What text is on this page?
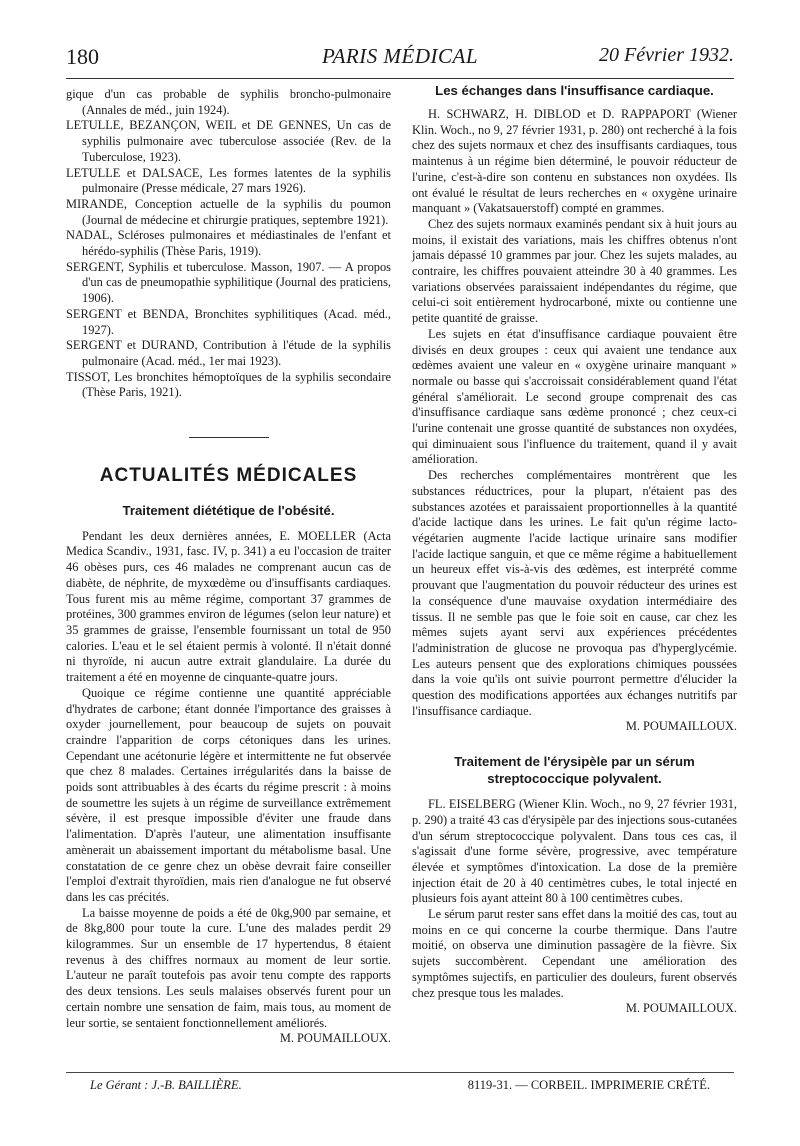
180	PARIS MÉDICAL	20 Février 1932.

gique d'un cas probable de syphilis broncho-pulmonaire (Annales de méd., juin 1924).

LETULLE, BEZANÇON, WEIL et DE GENNES, Un cas de syphilis pulmonaire avec tuberculose associée (Rev. de la Tuberculose, 1923).

LETULLE et DALSACE, Les formes latentes de la syphilis pulmonaire (Presse médicale, 27 mars 1926).

MIRANDE, Conception actuelle de la syphilis du poumon (Journal de médecine et chirurgie pratiques, septembre 1921).

NADAL, Scléroses pulmonaires et médiastinales de l'enfant et hérédo-syphilis (Thèse Paris, 1919).

SERGENT, Syphilis et tuberculose. Masson, 1907. — A propos d'un cas de pneumopathie syphilitique (Journal des praticiens, 1906).

SERGENT et BENDA, Bronchites syphilitiques (Acad. méd., 1927).

SERGENT et DURAND, Contribution à l'étude de la syphilis pulmonaire (Acad. méd., 1er mai 1923).

TISSOT, Les bronchites hémoptoïques de la syphilis secondaire (Thèse Paris, 1921).

ACTUALITÉS MÉDICALES
Traitement diététique de l'obésité.

Pendant les deux dernières années, E. MOELLER (Acta Medica Scandiv., 1931, fasc. IV, p. 341) a eu l'occasion de traiter 46 obèses purs, ces 46 malades ne comprenant aucun cas de diabète, de néphrite, de myxœdème ou d'insuffisants cardiaques. Tous furent mis au même régime, comportant 37 grammes de protéines, 300 grammes environ de légumes (selon leur nature) et 35 grammes de graisse, l'ensemble fournissant un total de 950 calories. L'eau et le sel étaient permis à volonté. Il n'était donné ni thyroïde, ni aucun autre extrait glandulaire. La durée du traitement a été en moyenne de cinquante-quatre jours.

Quoique ce régime contienne une quantité appréciable d'hydrates de carbone; étant donnée l'importance des graisses à oxyder journellement, pour beaucoup de sujets on pouvait craindre l'apparition de corps cétoniques dans les urines. Cependant une acétonurie légère et intermittente ne fut observée que chez 8 malades. Certaines irrégularités dans la baisse de poids sont attribuables à des écarts du régime prescrit : à moins de soumettre les sujets à un régime de surveillance extrêmement sévère, il est presque impossible d'éviter une fraude dans l'alimentation. D'après l'auteur, une alimentation insuffisante amènerait un abaissement important du métabolisme basal. Une constatation de ce genre chez un obèse devrait faire conseiller l'emploi d'extrait thyroïdien, mais rien d'analogue ne fut observé dans les cas précités.

La baisse moyenne de poids a été de 0kg,900 par semaine, et de 8kg,800 pour toute la cure. L'une des malades perdit 29 kilogrammes. Sur un ensemble de 17 hypertendus, 8 étaient revenus à des chiffres normaux au moment de leur sortie. L'auteur ne paraît toutefois pas avoir tenu compte des rapports des deux tensions. Les seuls malaises observés furent pour un certain nombre une sensation de faim, mais tous, au moment de leur sortie, se sentaient fonctionnellement améliorés.

M. POUMAILLOUX.

Les échanges dans l'insuffisance cardiaque.

H. SCHWARZ, H. DIBLOD et D. RAPPAPORT (Wiener Klin. Woch., no 9, 27 février 1931, p. 280) ont recherché à la fois chez des sujets normaux et chez des insuffisants cardiaques, tous maintenus à un régime bien déterminé, le pouvoir réducteur de l'urine, c'est-à-dire son contenu en substances non oxydées. Ils ont évalué le résultat de leurs recherches en « oxygène urinaire manquant » (Vakatsauerstoff) compté en grammes.

Chez des sujets normaux examinés pendant six à huit jours au moins, il existait des variations, mais les chiffres obtenus n'ont jamais dépassé 10 grammes par jour. Chez les sujets malades, au contraire, les chiffres pouvaient atteindre 30 à 40 grammes. Les variations observées paraissaient indépendantes du régime, que celui-ci soit entièrement hydrocarboné, mixte ou contienne une petite quantité de graisse.

Les sujets en état d'insuffisance cardiaque pouvaient être divisés en deux groupes : ceux qui avaient une tendance aux œdèmes avaient une valeur en « oxygène urinaire manquant » normale ou basse qui s'accroissait considérablement quand l'état général s'améliorait. Le second groupe comprenait des cas d'insuffisance cardiaque sans œdème prononcé ; chez ceux-ci l'urine contenait une grosse quantité de substances non oxydées, qui diminuaient sous l'influence du traitement, quand il y avait amélioration.

Des recherches complémentaires montrèrent que les substances réductrices, pour la plupart, n'étaient pas des substances azotées et paraissaient proportionnelles à la quantité d'acide lactique dans les urines. Le fait qu'un régime lacto-végétarien augmente l'acide lactique urinaire sans modifier l'acide lactique sanguin, et que ce même régime a habituellement un heureux effet vis-à-vis des œdèmes, est interprété comme prouvant que l'augmentation du pouvoir réducteur des urines est la conséquence d'une mauvaise oxydation intermédiaire des tissus. Il ne semble pas que le foie soit en cause, car chez les mêmes sujets ayant servi aux expériences précédentes l'administration de glucose ne provoqua pas d'hyperglycémie. Les auteurs pensent que des explorations chimiques poussées dans la voie qu'ils ont suivie pourront permettre d'élucider la question des modifications apportées aux échanges nutritifs par l'insuffisance cardiaque.

M. POUMAILLOUX.

Traitement de l'érysipèle par un sérum streptococcique polyvalent.

FL. EISELBERG (Wiener Klin. Woch., no 9, 27 février 1931, p. 290) a traité 43 cas d'érysipèle par des injections sous-cutanées d'un sérum streptococcique polyvalent. Dans tous ces cas, il s'agissait d'une forme sévère, progressive, avec température élevée et symptômes d'intoxication. La dose de la première injection était de 20 à 40 centimètres cubes, le total injecté en plusieurs fois ayant atteint 80 à 100 centimètres cubes.

Le sérum parut rester sans effet dans la moitié des cas, tout au moins en ce qui concerne la courbe thermique. Dans l'autre moitié, on observa une diminution passagère de la fièvre. Six sujets succombèrent. Cependant une amélioration des symptômes sujectifs, en particulier des douleurs, furent observés chez presque tous les malades.

M. POUMAILLOUX.

Le Gérant : J.-B. BAILLIÈRE.	8119-31. — CORBEIL. IMPRIMERIE CRÉTÉ.
